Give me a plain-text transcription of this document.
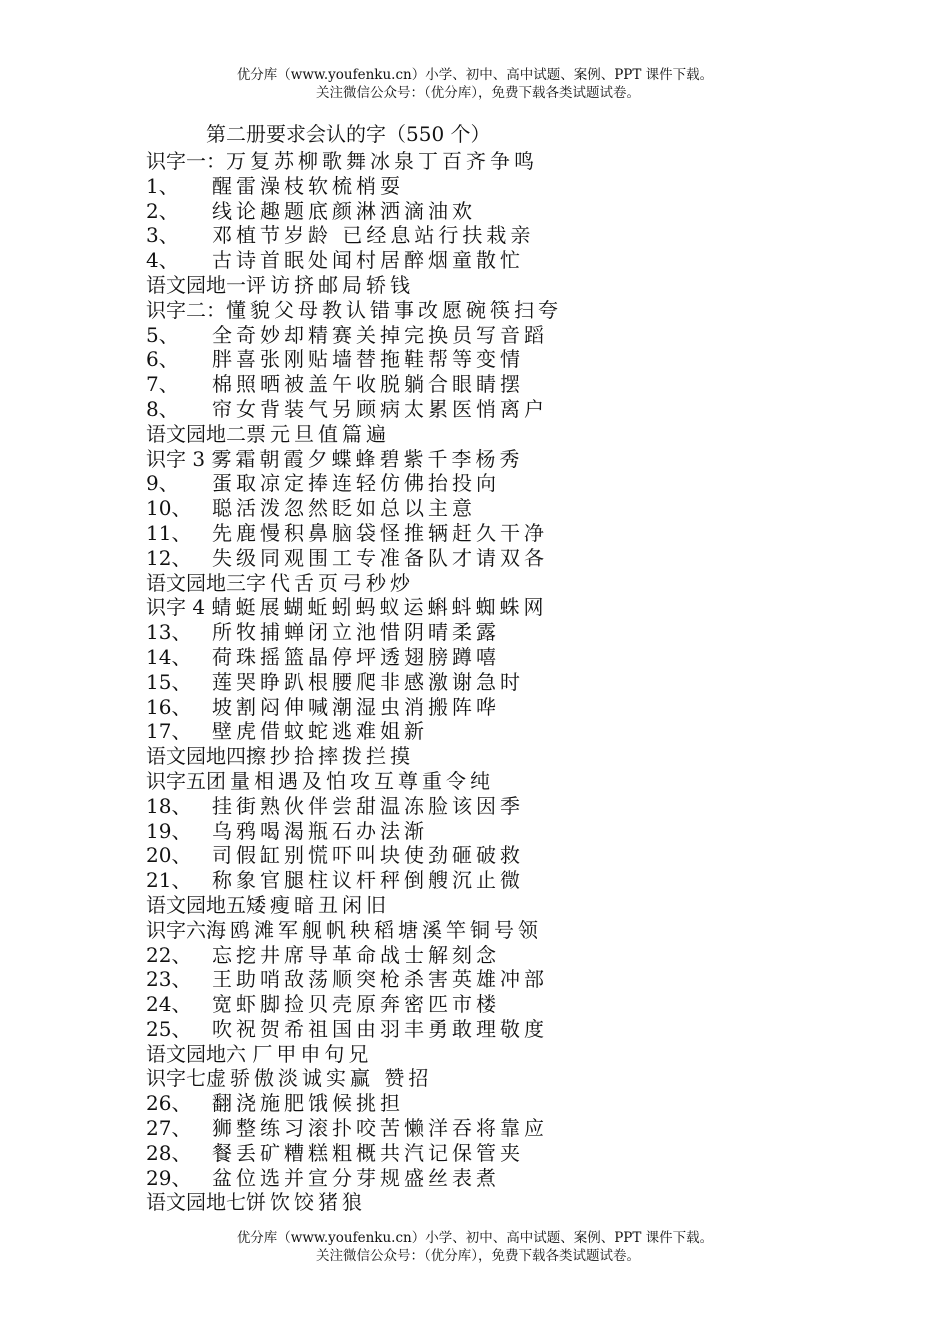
优分库（www.youfenku.cn）小学、初中、高中试题、案例、PPT 课件下载。
关注微信公众号：（优分库），免费下载各类试题试卷。
第二册要求会认的字（550 个）
识字一： 万复苏柳歌舞冰泉丁百齐争鸣
1、	醒雷澡枝软梳梢耍
2、	线论趣题底颜淋洒滴油欢
3、	邓植节岁龄 已经息站行扶栽亲
4、	古诗首眠处闻村居醉烟童散忙
语文园地一 评访挤邮局轿钱
识字二： 懂貌父母教认错事改愿碗筷扫夸
5、	全奇妙却精赛关掉完换员写音蹈
6、	胖喜张刚贴墙替拖鞋帮等变情
7、	棉照晒被盖午收脱躺合眼睛摆
8、	帘女背装气另顾病太累医悄离户
语文园地二 票元旦值篇遍
识字 3 雾霜朝霞夕蝶蜂碧紫千李杨秀
9、	蛋取凉定捧连轻仿佛抬投向
10、	聪活泼忽然眨如总以主意
11、	先鹿慢积鼻脑袋怪推辆赶久干净
12、	失级同观围工专准备队才请双各
语文园地三 字代舌页弓秒炒
识字 4 蜻蜓展蝴蚯蚓蚂蚁运蝌蚪蜘蛛网
13、	所牧捕蝉闭立池惜阴晴柔露
14、	荷珠摇篮晶停坪透翅膀蹲嘻
15、	莲哭睁趴根腰爬非感激谢急时
16、	坡割闷伸喊潮湿虫消搬阵哗
17、	壁虎借蚊蛇逃难姐新
语文园地四 擦抄拾摔拨拦摸
识字五 团量相遇及怕攻互尊重令纯
18、	挂街熟伙伴尝甜温冻脸该因季
19、	乌鸦喝渴瓶石办法渐
20、	司假缸别慌吓叫块使劲砸破救
21、	称象官腿柱议杆秤倒艘沉止微
语文园地五 矮瘦暗丑闲旧
识字六 海鸥滩军舰帆秧稻塘溪竿铜号领
22、	忘挖井席导革命战士解刻念
23、	王助哨敌荡顺突枪杀害英雄冲部
24、	宽虾脚捡贝壳原奔密匹市楼
25、	吹祝贺希祖国由羽丰勇敢理敬度
语文园地六 厂甲申句兄
识字七 虚骄傲淡诚实赢 赞招
26、	翻浇施肥饿候挑担
27、	狮整练习滚扑咬苦懒洋吞将靠应
28、	餐丢矿糟糕粗概共汽记保管夹
29、	盆位选并宣分芽规盛丝表煮
语文园地七 饼饮饺猪狼
优分库（www.youfenku.cn）小学、初中、高中试题、案例、PPT 课件下载。
关注微信公众号：（优分库），免费下载各类试题试卷。
